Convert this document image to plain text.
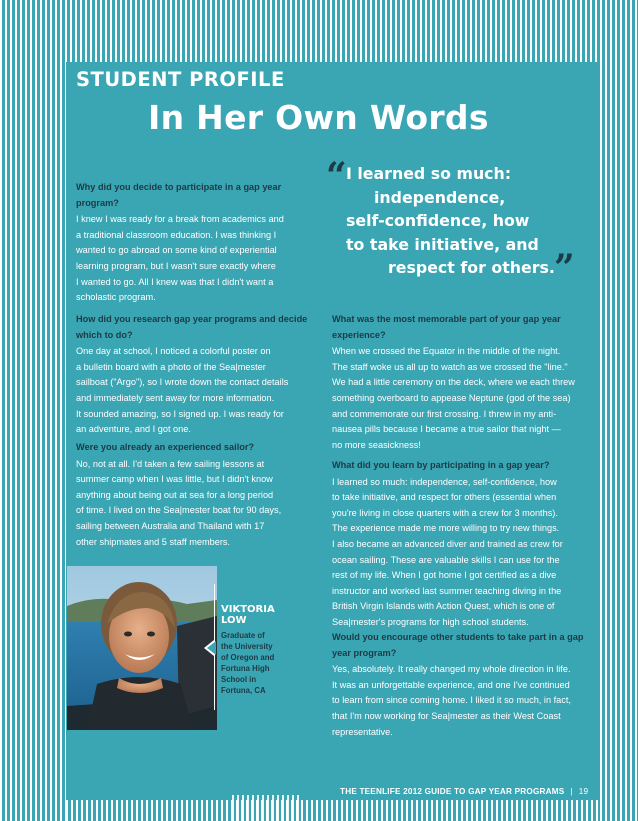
STUDENT PROFILE
In Her Own Words
Why did you decide to participate in a gap year program?
I knew I was ready for a break from academics and
a traditional classroom education. I was thinking I
wanted to go abroad on some kind of experiential
learning program, but I wasn't sure exactly where
I wanted to go. All I knew was that I didn't want a
scholastic program.
How did you research gap year programs and decide which to do?
One day at school, I noticed a colorful poster on
a bulletin board with a photo of the Sea|mester
sailboat ("Argo"), so I wrote down the contact details
and immediately sent away for more information.
It sounded amazing, so I signed up. I was ready for
an adventure, and I got one.
Were you already an experienced sailor?
No, not at all. I'd taken a few sailing lessons at
summer camp when I was little, but I didn't know
anything about being out at sea for a long period
of time. I lived on the Sea|mester boat for 90 days,
sailing between Australia and Thailand with 17
other shipmates and 5 staff members.
“ I learned so much:
independence,
self-confidence, how
to take initiative, and
respect for others. ”
What was the most memorable part of your gap year experience?
When we crossed the Equator in the middle of the night.
The staff woke us all up to watch as we crossed the "line."
We had a little ceremony on the deck, where we each threw
something overboard to appease Neptune (god of the sea)
and commemorate our first crossing. I threw in my anti-
nausea pills because I became a true sailor that night —
no more seasickness!
What did you learn by participating in a gap year?
I learned so much: independence, self-confidence, how
to take initiative, and respect for others (essential when
you're living in close quarters with a crew for 3 months).
The experience made me more willing to try new things.
I also became an advanced diver and trained as crew for
ocean sailing. These are valuable skills I can use for the
rest of my life. When I got home I got certified as a dive
instructor and worked last summer teaching diving in the
British Virgin Islands with Action Quest, which is one of
Sea|mester's programs for high school students.
Would you encourage other students to take part in a gap year program?
Yes, absolutely. It really changed my whole direction in life.
It was an unforgettable experience, and one I've continued
to learn from since coming home. I liked it so much, in fact,
that I'm now working for Sea|mester as their West Coast
representative.
VIKTORIA
LOW
Graduate of
the University
of Oregon and
Fortuna High
School in
Fortuna, CA
THE TEENLIFE 2012 GUIDE TO GAP YEAR PROGRAMS | 19
